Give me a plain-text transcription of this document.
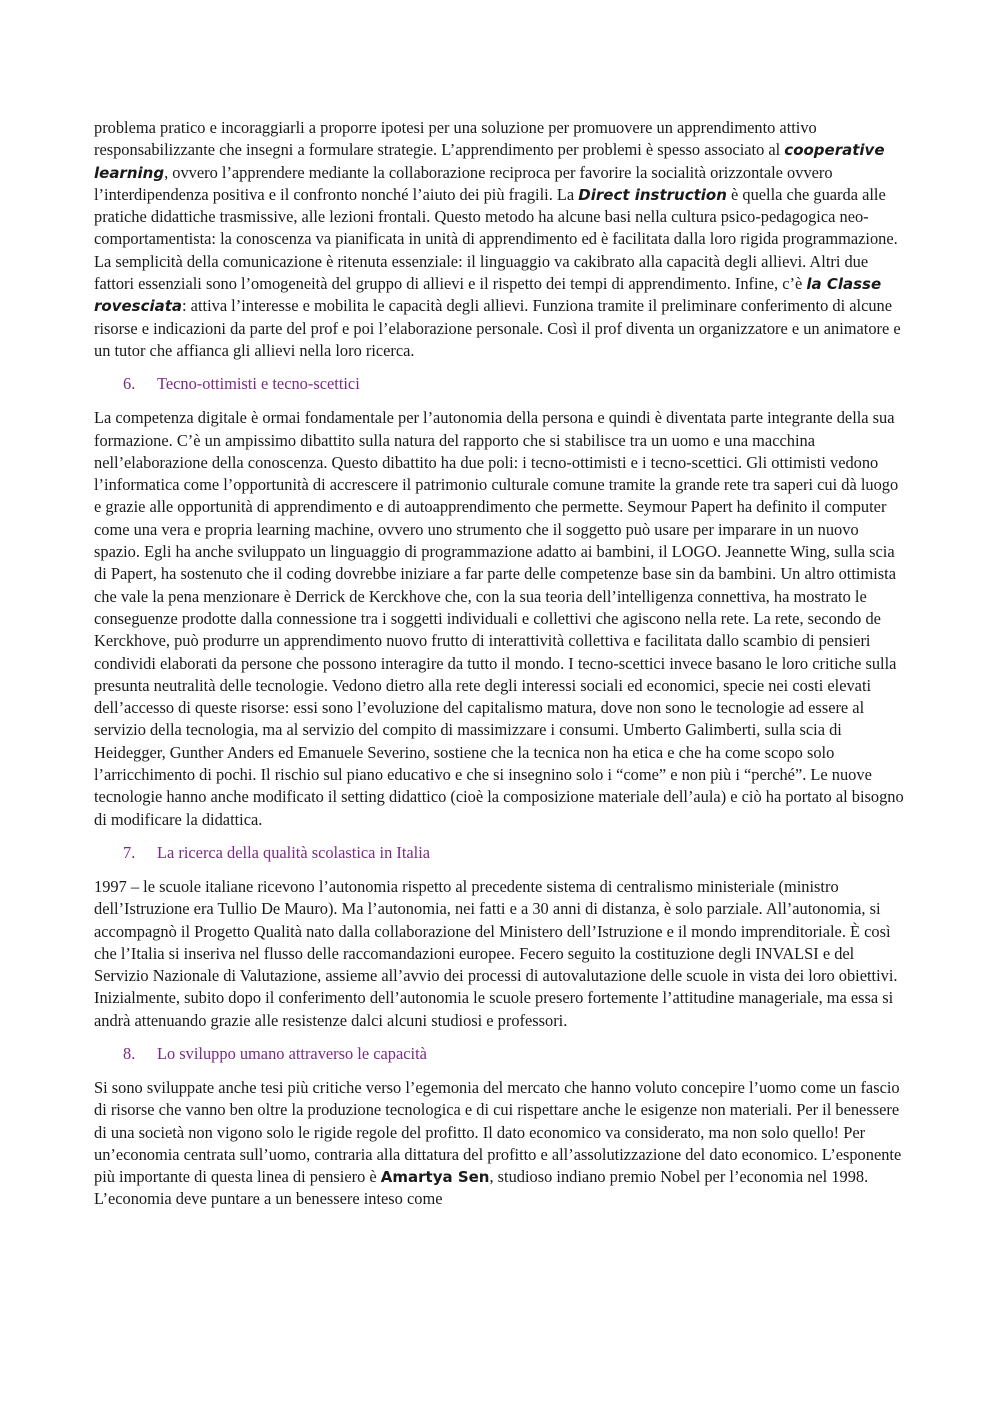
problema pratico e incoraggiarli a proporre ipotesi per una soluzione per promuovere un apprendimento attivo responsabilizzante che insegni a formulare strategie. L’apprendimento per problemi è spesso associato al cooperative learning, ovvero l’apprendere mediante la collaborazione reciproca per favorire la socialità orizzontale ovvero l’interdipendenza positiva e il confronto nonché l’aiuto dei più fragili. La Direct instruction è quella che guarda alle pratiche didattiche trasmissive, alle lezioni frontali. Questo metodo ha alcune basi nella cultura psico-pedagogica neo-comportamentista: la conoscenza va pianificata in unità di apprendimento ed è facilitata dalla loro rigida programmazione. La semplicità della comunicazione è ritenuta essenziale: il linguaggio va cakibrato alla capacità degli allievi. Altri due fattori essenziali sono l’omogeneità del gruppo di allievi e il rispetto dei tempi di apprendimento. Infine, c’è la Classe rovesciata: attiva l’interesse e mobilita le capacità degli allievi. Funziona tramite il preliminare conferimento di alcune risorse e indicazioni da parte del prof e poi l’elaborazione personale. Così il prof diventa un organizzatore e un animatore e un tutor che affianca gli allievi nella loro ricerca.

6. Tecno-ottimisti e tecno-scettici

La competenza digitale è ormai fondamentale per l’autonomia della persona e quindi è diventata parte integrante della sua formazione. C’è un ampissimo dibattito sulla natura del rapporto che si stabilisce tra un uomo e una macchina nell’elaborazione della conoscenza. Questo dibattito ha due poli: i tecno-ottimisti e i tecno-scettici. Gli ottimisti vedono l’informatica come l’opportunità di accrescere il patrimonio culturale comune tramite la grande rete tra saperi cui dà luogo e grazie alle opportunità di apprendimento e di autoapprendimento che permette. Seymour Papert ha definito il computer come una vera e propria learning machine, ovvero uno strumento che il soggetto può usare per imparare in un nuovo spazio. Egli ha anche sviluppato un linguaggio di programmazione adatto ai bambini, il LOGO. Jeannette Wing, sulla scia di Papert, ha sostenuto che il coding dovrebbe iniziare a far parte delle competenze base sin da bambini. Un altro ottimista che vale la pena menzionare è Derrick de Kerckhove che, con la sua teoria dell’intelligenza connettiva, ha mostrato le conseguenze prodotte dalla connessione tra i soggetti individuali e collettivi che agiscono nella rete. La rete, secondo de Kerckhove, può produrre un apprendimento nuovo frutto di interattività collettiva e facilitata dallo scambio di pensieri condividi elaborati da persone che possono interagire da tutto il mondo. I tecno-scettici invece basano le loro critiche sulla presunta neutralità delle tecnologie. Vedono dietro alla rete degli interessi sociali ed economici, specie nei costi elevati dell’accesso di queste risorse: essi sono l’evoluzione del capitalismo matura, dove non sono le tecnologie ad essere al servizio della tecnologia, ma al servizio del compito di massimizzare i consumi. Umberto Galimberti, sulla scia di Heidegger, Gunther Anders ed Emanuele Severino, sostiene che la tecnica non ha etica e che ha come scopo solo l’arricchimento di pochi. Il rischio sul piano educativo e che si insegnino solo i “come” e non più i “perché”. Le nuove tecnologie hanno anche modificato il setting didattico (cioè la composizione materiale dell’aula) e ciò ha portato al bisogno di modificare la didattica.

7. La ricerca della qualità scolastica in Italia

1997 – le scuole italiane ricevono l’autonomia rispetto al precedente sistema di centralismo ministeriale (ministro dell’Istruzione era Tullio De Mauro). Ma l’autonomia, nei fatti e a 30 anni di distanza, è solo parziale. All’autonomia, si accompagnò il Progetto Qualità nato dalla collaborazione del Ministero dell’Istruzione e il mondo imprenditoriale. È così che l’Italia si inseriva nel flusso delle raccomandazioni europee. Fecero seguito la costituzione degli INVALSI e del Servizio Nazionale di Valutazione, assieme all’avvio dei processi di autovalutazione delle scuole in vista dei loro obiettivi. Inizialmente, subito dopo il conferimento dell’autonomia le scuole presero fortemente l’attitudine manageriale, ma essa si andrà attenuando grazie alle resistenze dalci alcuni studiosi e professori.

8. Lo sviluppo umano attraverso le capacità

Si sono sviluppate anche tesi più critiche verso l’egemonia del mercato che hanno voluto concepire l’uomo come un fascio di risorse che vanno ben oltre la produzione tecnologica e di cui rispettare anche le esigenze non materiali. Per il benessere di una società non vigono solo le rigide regole del profitto. Il dato economico va considerato, ma non solo quello! Per un’economia centrata sull’uomo, contraria alla dittatura del profitto e all’assolutizzazione del dato economico. L’esponente più importante di questa linea di pensiero è Amartya Sen, studioso indiano premio Nobel per l’economia nel 1998. L’economia deve puntare a un benessere inteso come
